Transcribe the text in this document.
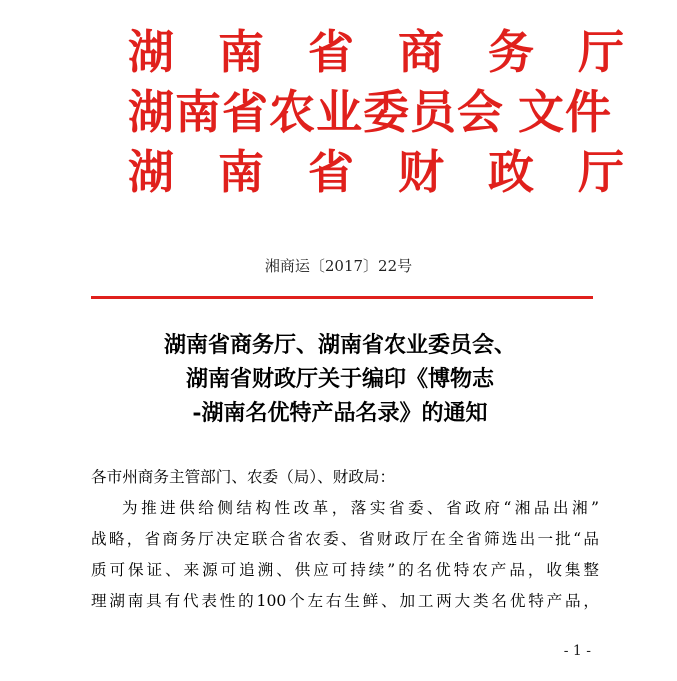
湖 南 省 商 务 厅
湖南省农业委员会 文件
湖 南 省 财 政 厅
湘商运〔2017〕22号
湖南省商务厅、湖南省农业委员会、
湖南省财政厅关于编印《博物志
-湖南名优特产品名录》的通知

各市州商务主管部门、农委（局）、财政局：

为推进供给侧结构性改革，落实省委、省政府“湘品出湘”
战略，省商务厅决定联合省农委、省财政厅在全省筛选出一批“品
质可保证、来源可追溯、供应可持续”的名优特农产品，收集整
理湖南具有代表性的100个左右生鲜、加工两大类名优特产品，
- 1 -
